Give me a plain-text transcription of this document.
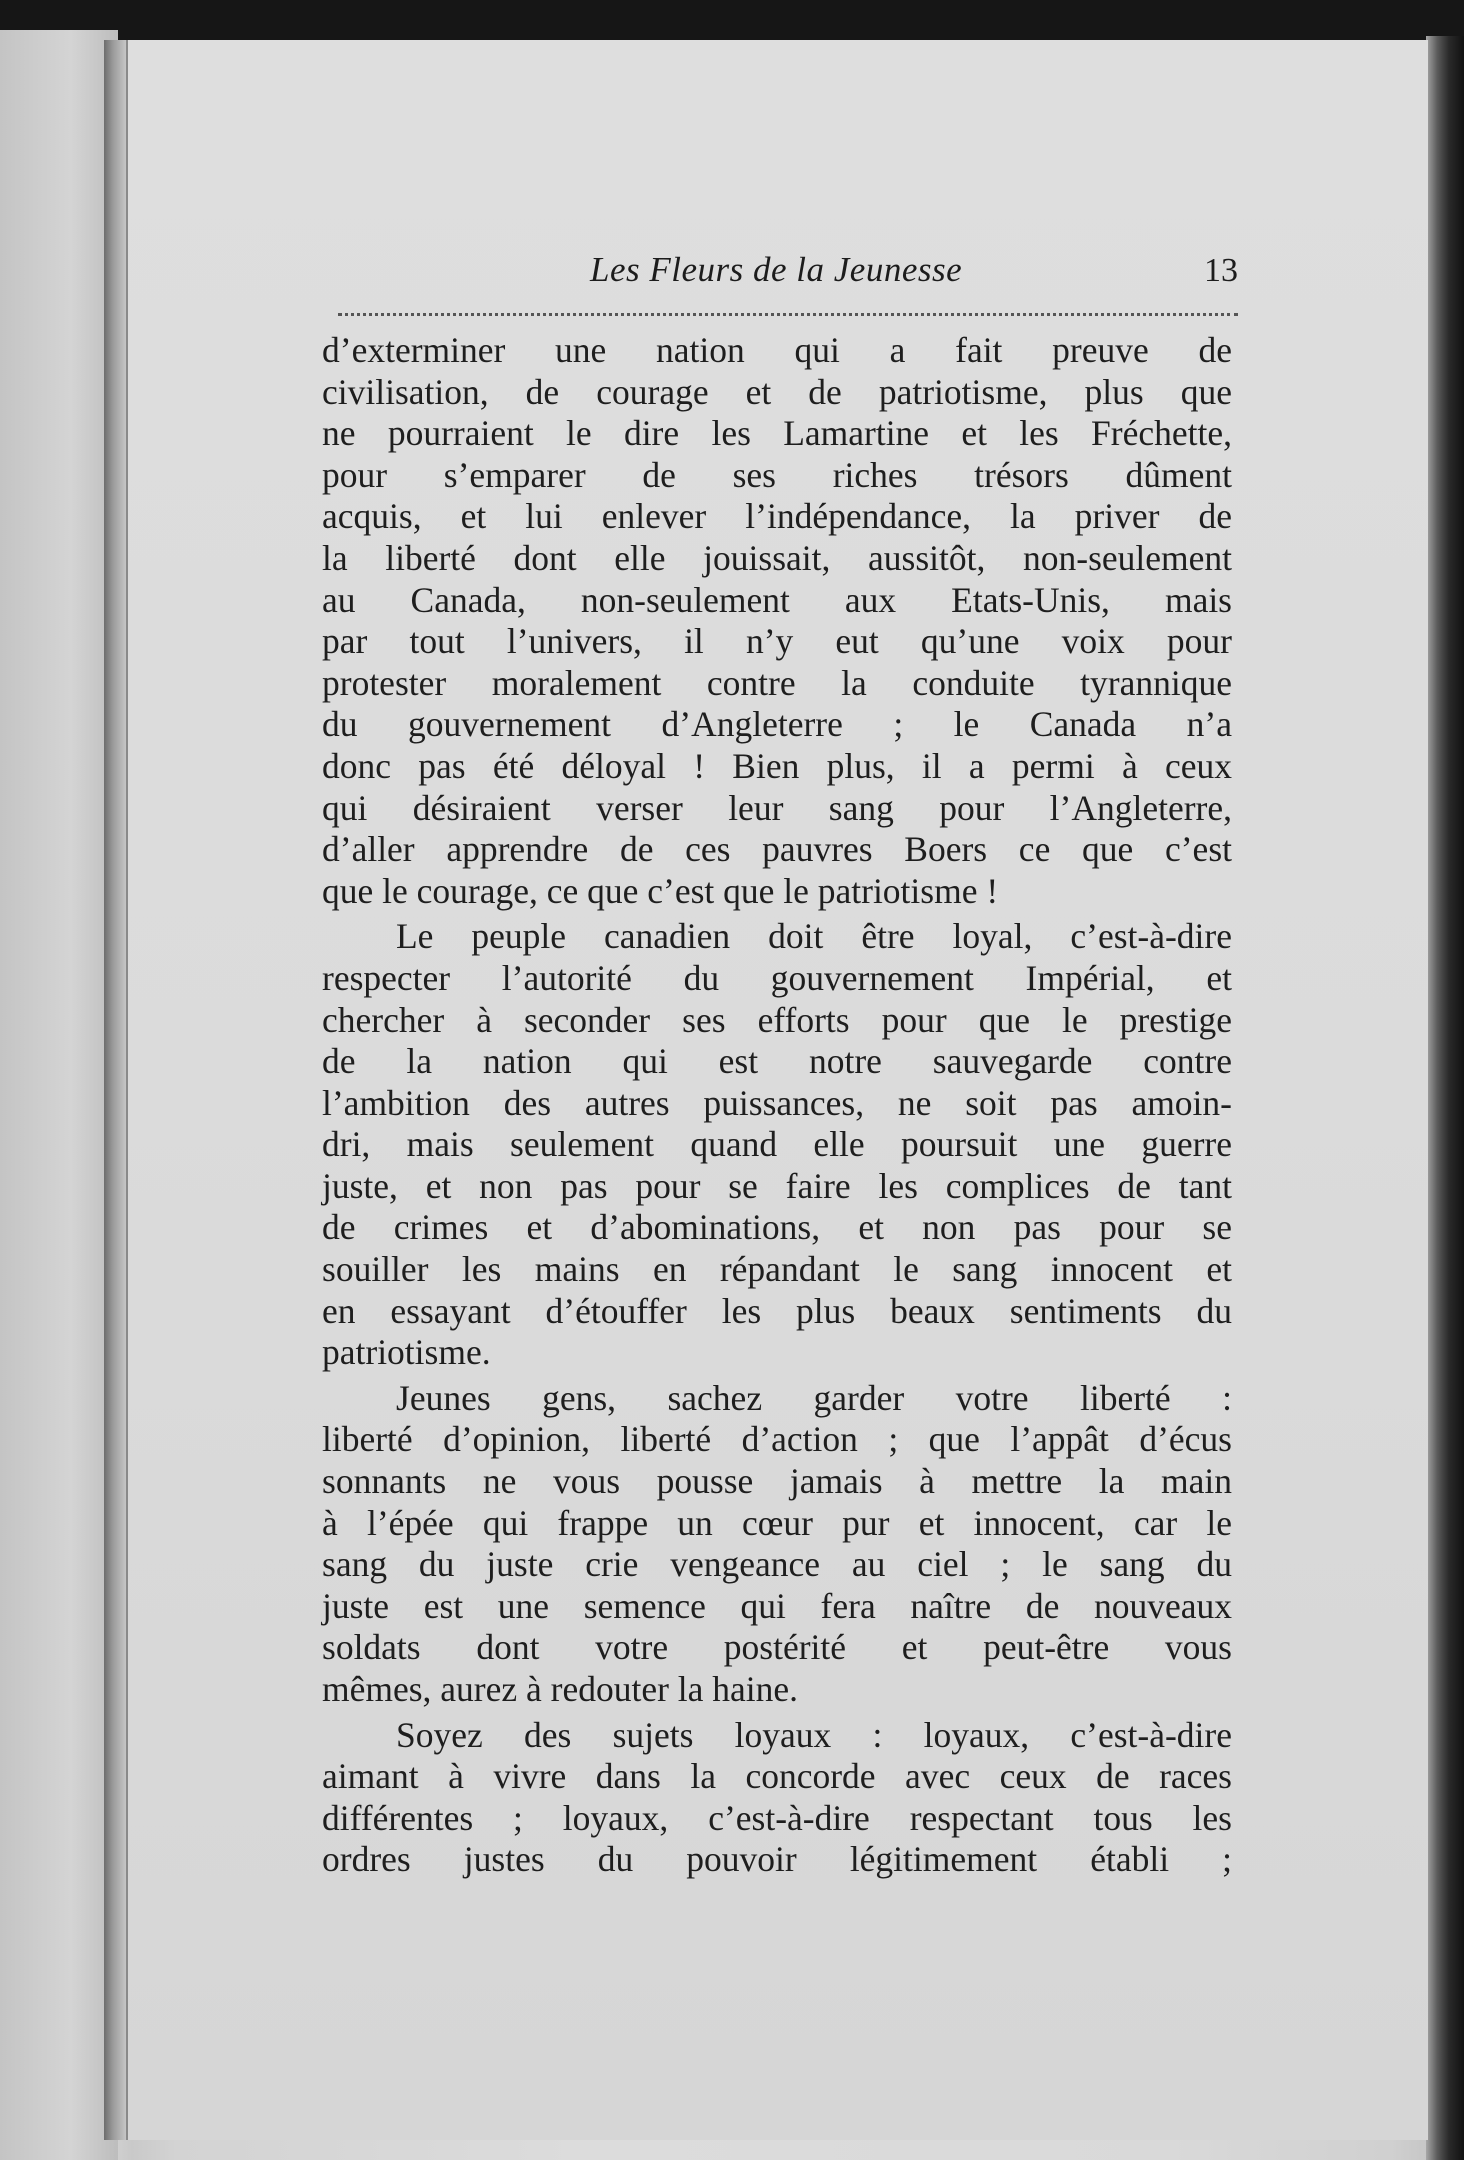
Les Fleurs de la Jeunesse	13
d’exterminer une nation qui a fait preuve de
civilisation, de courage et de patriotisme, plus que
ne pourraient le dire les Lamartine et les Fréchette,
pour s’emparer de ses riches trésors dûment
acquis, et lui enlever l’indépendance, la priver de
la liberté dont elle jouissait, aussitôt, non-seulement
au Canada, non-seulement aux Etats-Unis, mais
par tout l’univers, il n’y eut qu’une voix pour
protester moralement contre la conduite tyrannique
du gouvernement d’Angleterre ; le Canada n’a
donc pas été déloyal ! Bien plus, il a permi à ceux
qui désiraient verser leur sang pour l’Angleterre,
d’aller apprendre de ces pauvres Boers ce que c’est
que le courage, ce que c’est que le patriotisme !
Le peuple canadien doit être loyal, c’est-à-dire
respecter l’autorité du gouvernement Impérial, et
chercher à seconder ses efforts pour que le prestige
de la nation qui est notre sauvegarde contre
l’ambition des autres puissances, ne soit pas amoin-
dri, mais seulement quand elle poursuit une guerre
juste, et non pas pour se faire les complices de tant
de crimes et d’abominations, et non pas pour se
souiller les mains en répandant le sang innocent et
en essayant d’étouffer les plus beaux sentiments du
patriotisme.
Jeunes gens, sachez garder votre liberté :
liberté d’opinion, liberté d’action ; que l’appât d’écus
sonnants ne vous pousse jamais à mettre la main
à l’épée qui frappe un cœur pur et innocent, car le
sang du juste crie vengeance au ciel ; le sang du
juste est une semence qui fera naître de nouveaux
soldats dont votre postérité et peut-être vous
mêmes, aurez à redouter la haine.
Soyez des sujets loyaux : loyaux, c’est-à-dire
aimant à vivre dans la concorde avec ceux de races
différentes ; loyaux, c’est-à-dire respectant tous les
ordres justes du pouvoir légitimement établi ;
